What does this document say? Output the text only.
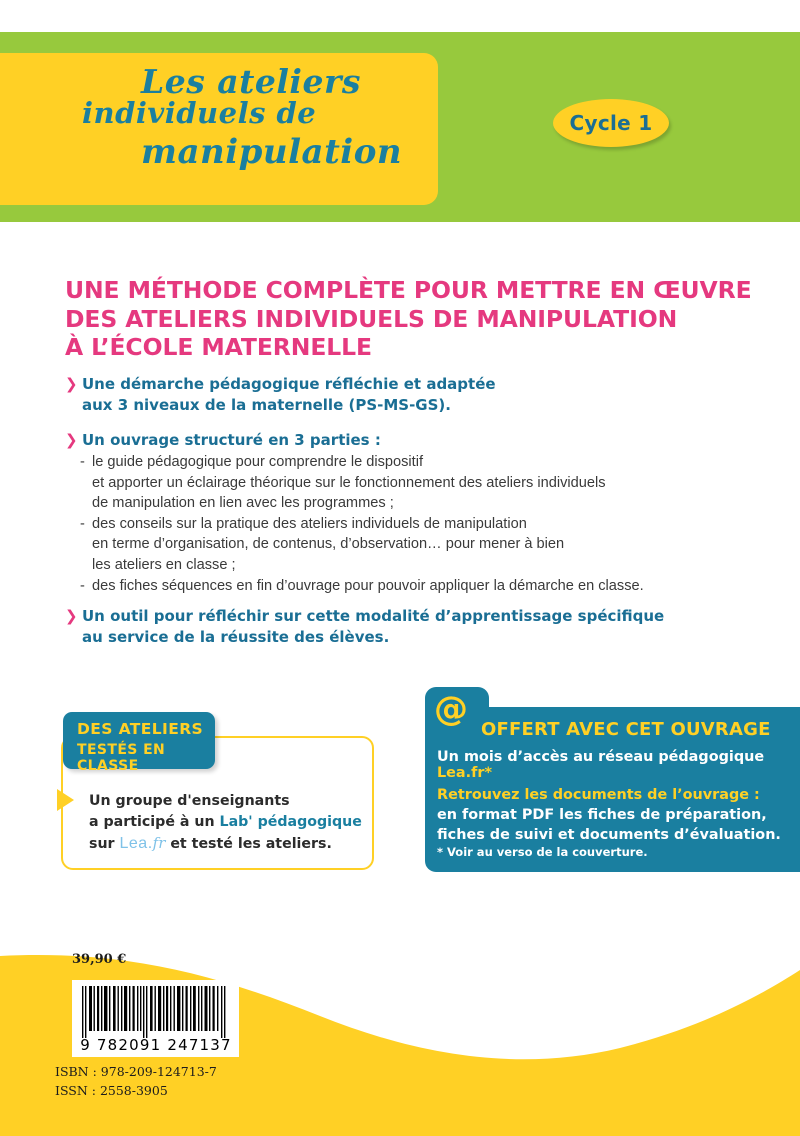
Les ateliers
individuels de
manipulation
Cycle 1
UNE MÉTHODE COMPLÈTE POUR METTRE EN ŒUVRE
DES ATELIERS INDIVIDUELS DE MANIPULATION
À L’ÉCOLE MATERNELLE
❯ Une démarche pédagogique réfléchie et adaptée
aux 3 niveaux de la maternelle (PS-MS-GS).
❯ Un ouvrage structuré en 3 parties :
- le guide pédagogique pour comprendre le dispositif
et apporter un éclairage théorique sur le fonctionnement des ateliers individuels
de manipulation en lien avec les programmes ;
- des conseils sur la pratique des ateliers individuels de manipulation
en terme d’organisation, de contenus, d’observation… pour mener à bien
les ateliers en classe ;
- des fiches séquences en fin d’ouvrage pour pouvoir appliquer la démarche en classe.
❯ Un outil pour réfléchir sur cette modalité d’apprentissage spécifique
au service de la réussite des élèves.
DES ATELIERS
TESTÉS EN CLASSE
Un groupe d'enseignants
a participé à un Lab' pédagogique
sur Lea.fr et testé les ateliers.
@
OFFERT AVEC CET OUVRAGE
Un mois d’accès au réseau pédagogique Lea.fr*
Retrouvez les documents de l’ouvrage :
en format PDF les fiches de préparation,
fiches de suivi et documents d’évaluation.
* Voir au verso de la couverture.
39,90 €
9 782091 247137
ISBN : 978-209-124713-7
ISSN : 2558-3905
